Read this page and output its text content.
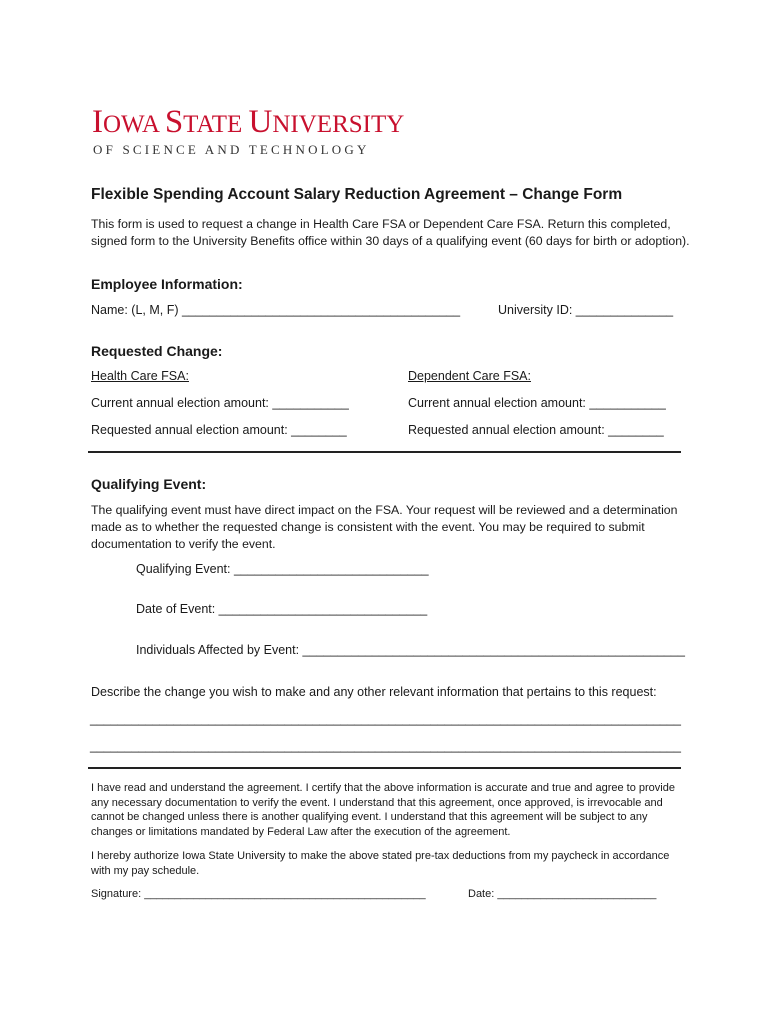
IOWA STATE UNIVERSITY
OF SCIENCE AND TECHNOLOGY
Flexible Spending Account Salary Reduction Agreement – Change Form
This form is used to request a change in Health Care FSA or Dependent Care FSA. Return this completed, signed form to the University Benefits office within 30 days of a qualifying event (60 days for birth or adoption).
Employee Information:
Name: (L, M, F) ________________________________________	University ID: ______________
Requested Change:
Health Care FSA:	Dependent Care FSA:
Current annual election amount: ___________	Current annual election amount: ___________
Requested annual election amount: ________	Requested annual election amount: ________
Qualifying Event:
The qualifying event must have direct impact on the FSA. Your request will be reviewed and a determination made as to whether the requested change is consistent with the event. You may be required to submit documentation to verify the event.
Qualifying Event: ____________________________
Date of Event: ______________________________
Individuals Affected by Event: _______________________________________________________
Describe the change you wish to make and any other relevant information that pertains to this request:
_____________________________________________________________________________________
_____________________________________________________________________________________
I have read and understand the agreement. I certify that the above information is accurate and true and agree to provide any necessary documentation to verify the event. I understand that this agreement, once approved, is irrevocable and cannot be changed unless there is another qualifying event. I understand that this agreement will be subject to any changes or limitations mandated by Federal Law after the execution of the agreement.
I hereby authorize Iowa State University to make the above stated pre-tax deductions from my paycheck in accordance with my pay schedule.
Signature: ______________________________________________	Date: __________________________
